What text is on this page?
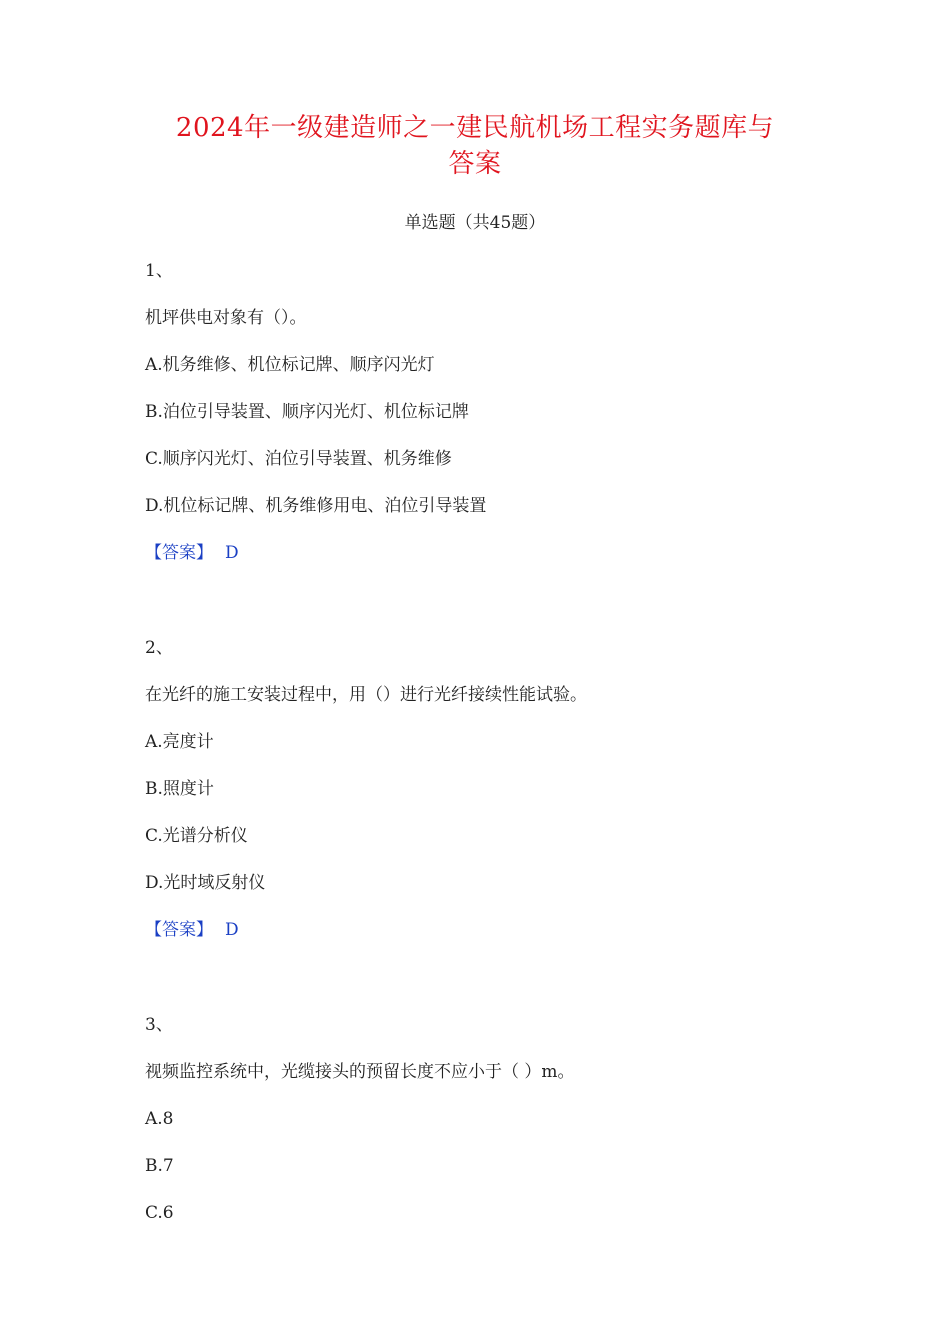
2024年一级建造师之一建民航机场工程实务题库与
答案
单选题（共45题）
1、
机坪供电对象有（）。
A.机务维修、机位标记牌、顺序闪光灯
B.泊位引导装置、顺序闪光灯、机位标记牌
C.顺序闪光灯、泊位引导装置、机务维修
D.机位标记牌、机务维修用电、泊位引导装置
【答案】 D
2、
在光纤的施工安装过程中，用（）进行光纤接续性能试验。
A.亮度计
B.照度计
C.光谱分析仪
D.光时域反射仪
【答案】 D
3、
视频监控系统中，光缆接头的预留长度不应小于（ ）m。
A.8
B.7
C.6
